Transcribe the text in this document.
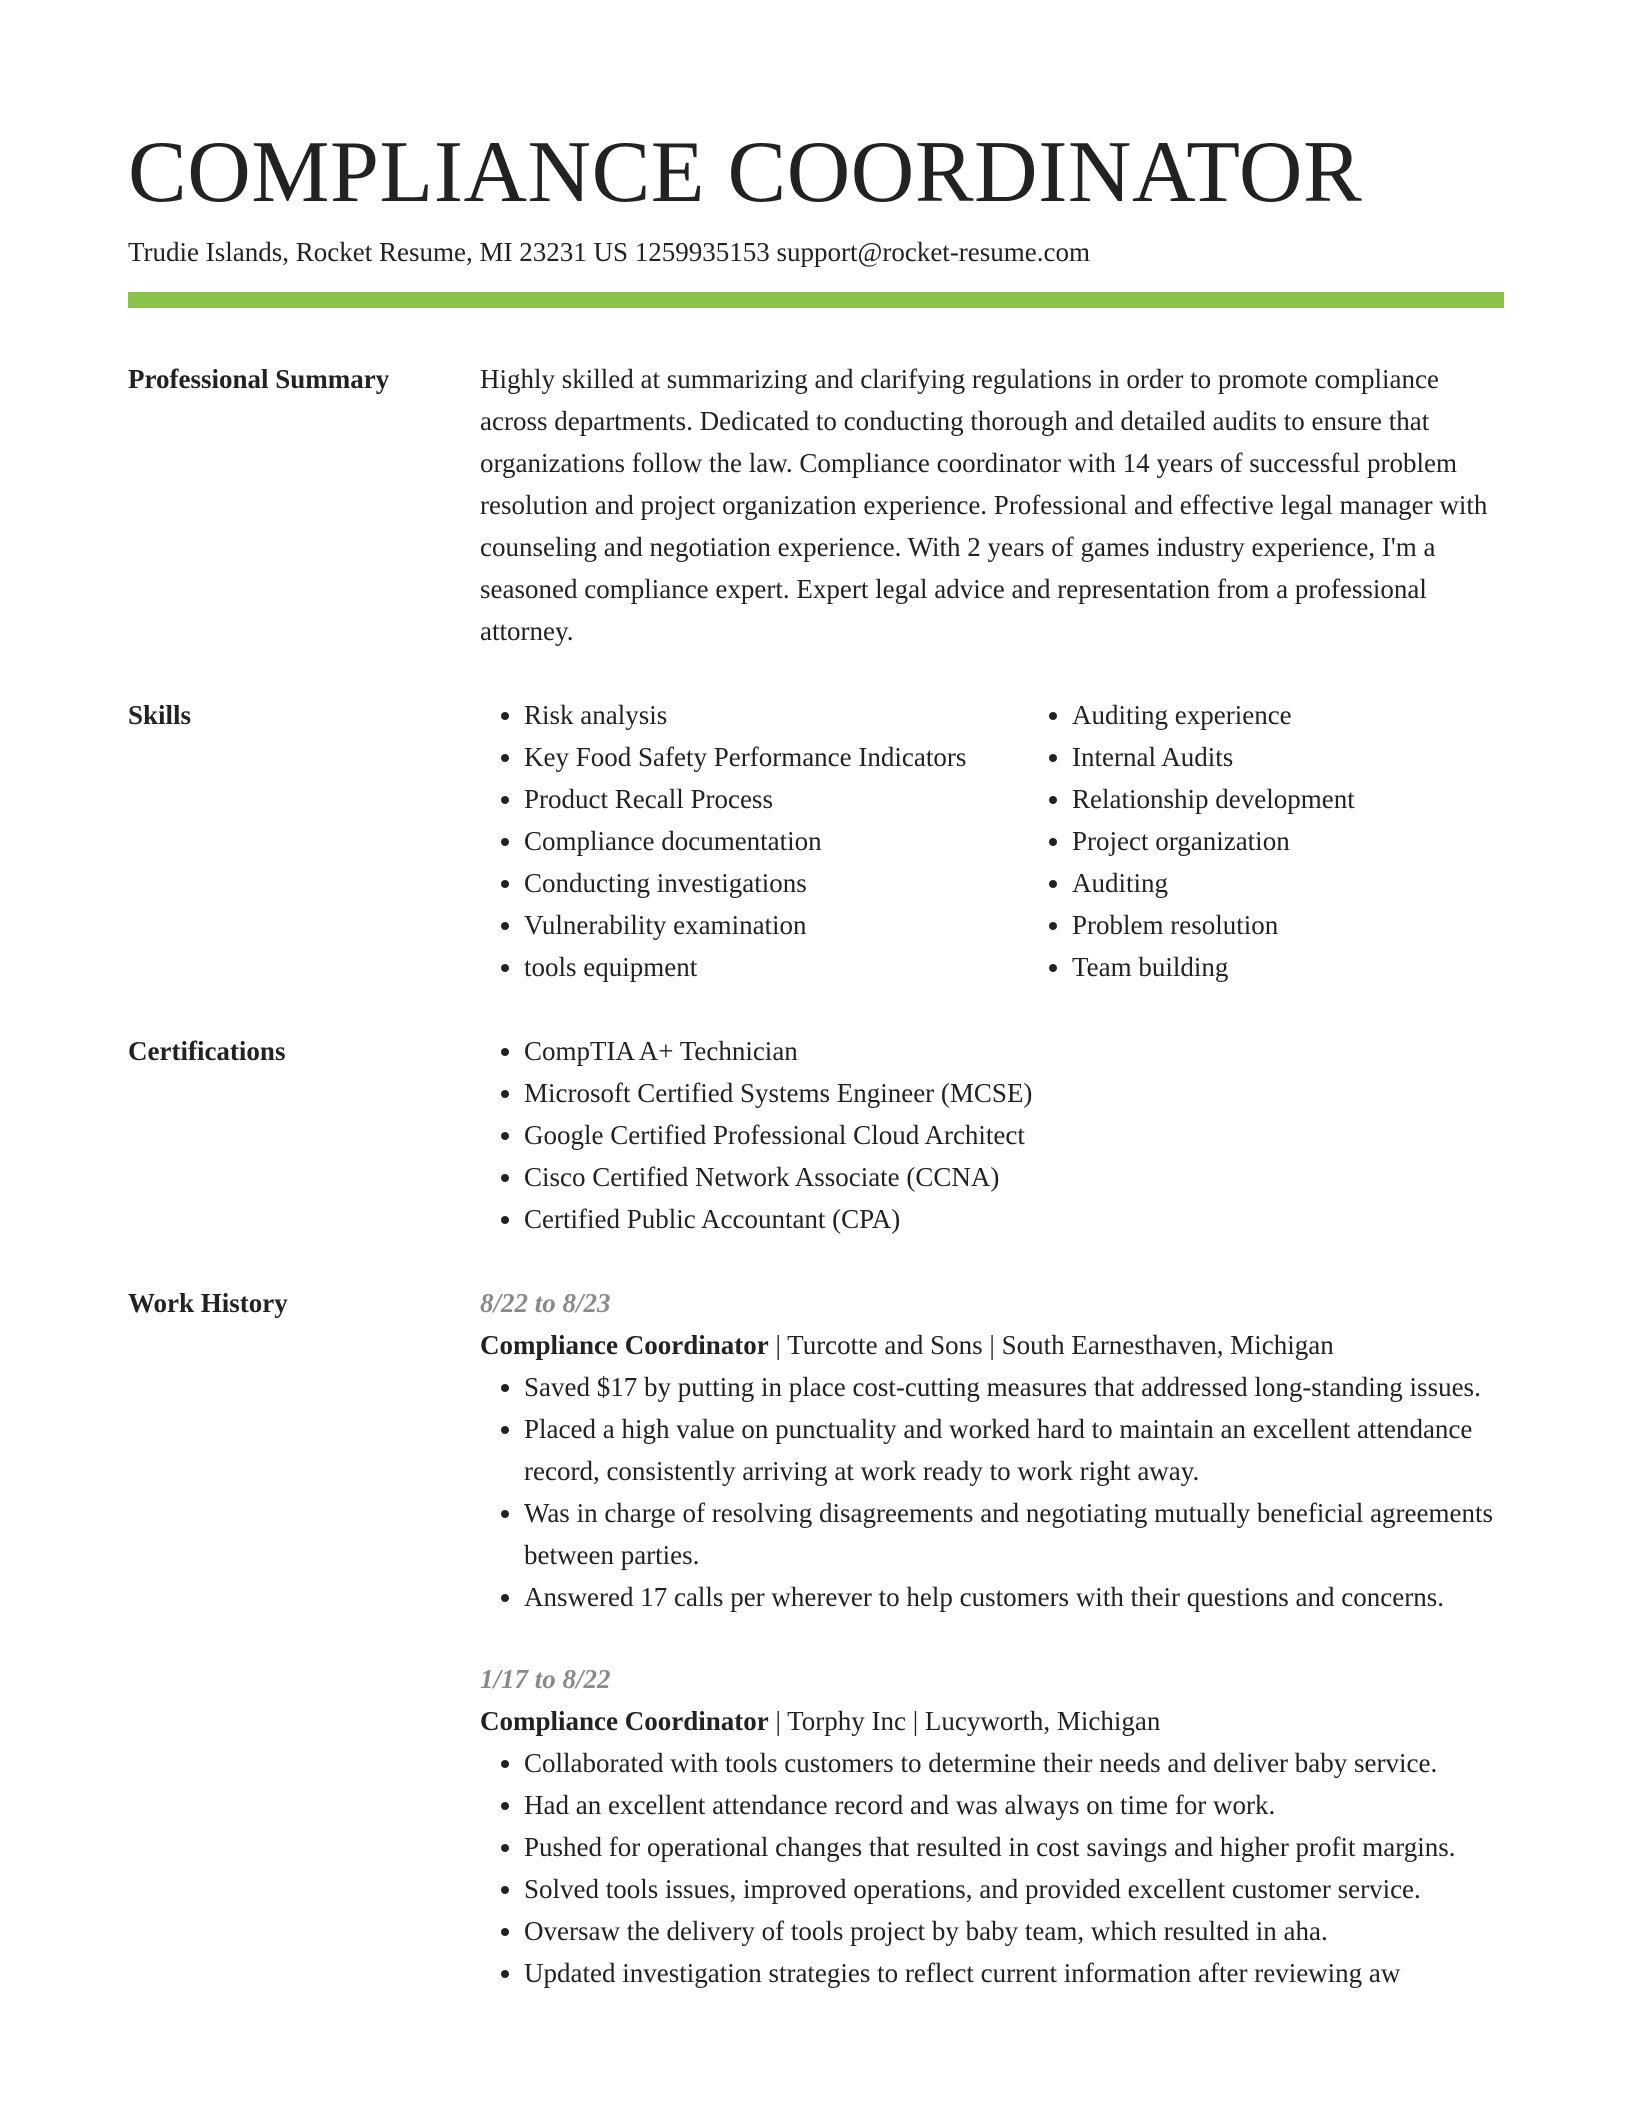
COMPLIANCE COORDINATOR
Trudie Islands, Rocket Resume, MI 23231 US 1259935153 support@rocket-resume.com
Professional Summary	Highly skilled at summarizing and clarifying regulations in order to promote compliance across departments. Dedicated to conducting thorough and detailed audits to ensure that organizations follow the law. Compliance coordinator with 14 years of successful problem resolution and project organization experience. Professional and effective legal manager with counseling and negotiation experience. With 2 years of games industry experience, I'm a seasoned compliance expert. Expert legal advice and representation from a professional attorney.

Skills	• Risk analysis
• Key Food Safety Performance Indicators
• Product Recall Process
• Compliance documentation
• Conducting investigations
• Vulnerability examination
• tools equipment
• Auditing experience
• Internal Audits
• Relationship development
• Project organization
• Auditing
• Problem resolution
• Team building
Certifications	• CompTIA A+ Technician
• Microsoft Certified Systems Engineer (MCSE)
• Google Certified Professional Cloud Architect
• Cisco Certified Network Associate (CCNA)
• Certified Public Accountant (CPA)
Work History	8/22 to 8/23
Compliance Coordinator | Turcotte and Sons | South Earnesthaven, Michigan
• Saved $17 by putting in place cost-cutting measures that addressed long-standing issues.
• Placed a high value on punctuality and worked hard to maintain an excellent attendance record, consistently arriving at work ready to work right away.
• Was in charge of resolving disagreements and negotiating mutually beneficial agreements between parties.
• Answered 17 calls per wherever to help customers with their questions and concerns.
1/17 to 8/22
Compliance Coordinator | Torphy Inc | Lucyworth, Michigan
• Collaborated with tools customers to determine their needs and deliver baby service.
• Had an excellent attendance record and was always on time for work.
• Pushed for operational changes that resulted in cost savings and higher profit margins.
• Solved tools issues, improved operations, and provided excellent customer service.
• Oversaw the delivery of tools project by baby team, which resulted in aha.
• Updated investigation strategies to reflect current information after reviewing aw
